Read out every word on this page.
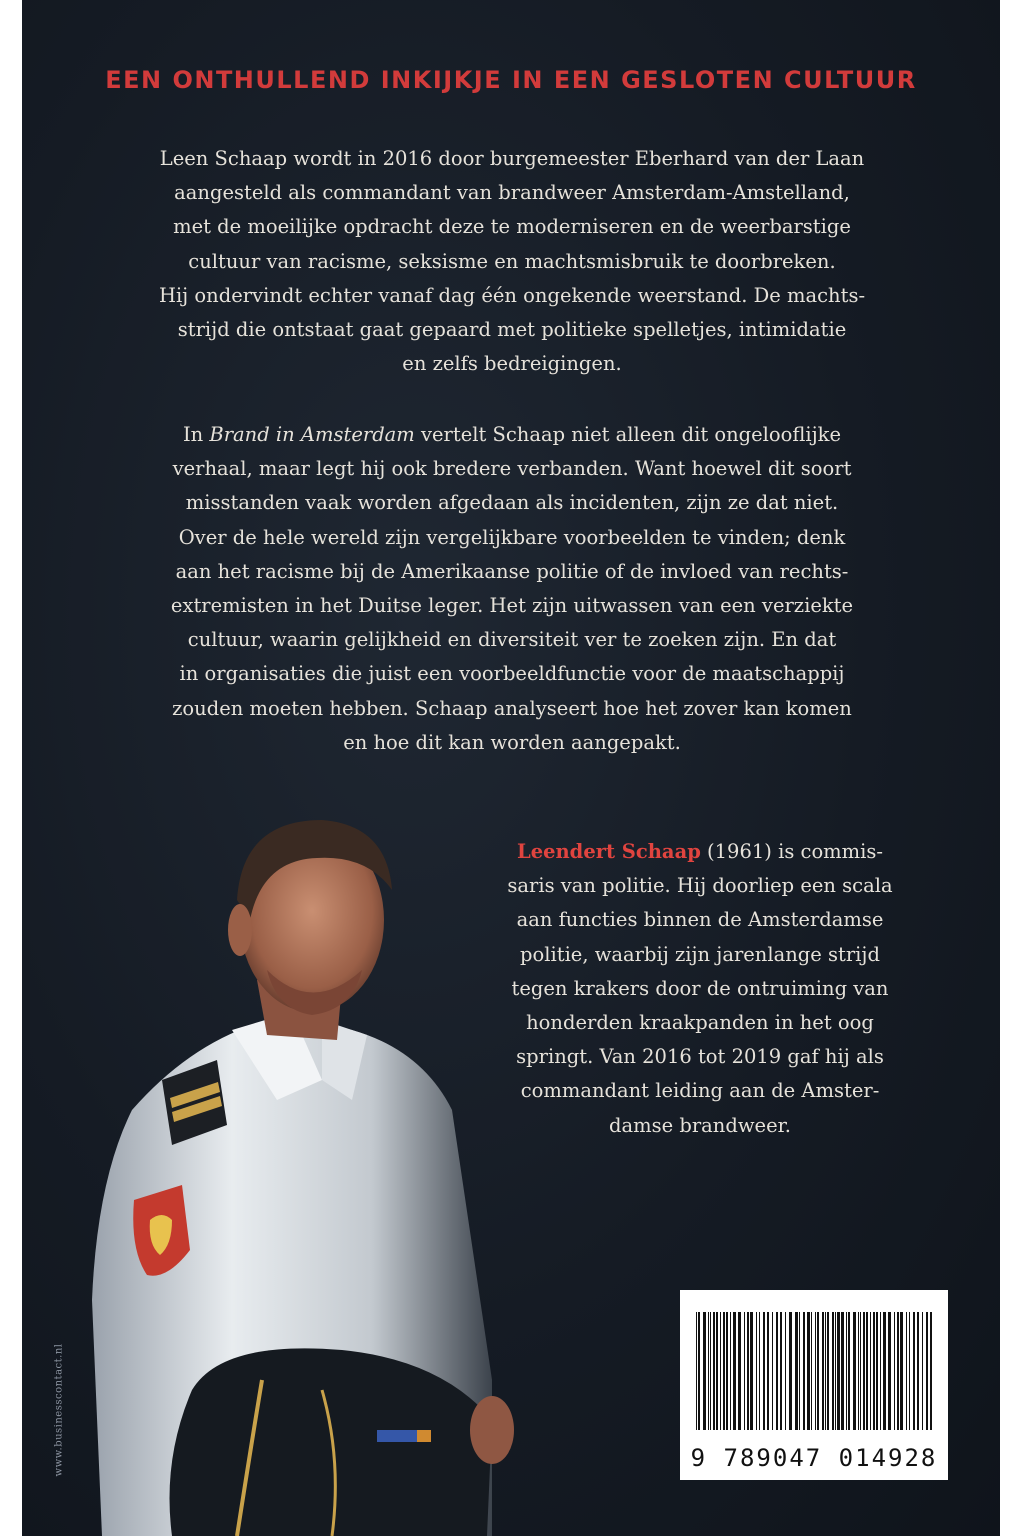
EEN ONTHULLEND INKIJKJE IN EEN GESLOTEN CULTUUR

Leen Schaap wordt in 2016 door burgemeester Eberhard van der Laan
aangesteld als commandant van brandweer Amsterdam-Amstelland,
met de moeilijke opdracht deze te moderniseren en de weerbarstige
cultuur van racisme, seksisme en machtsmisbruik te doorbreken.
Hij ondervindt echter vanaf dag één ongekende weerstand. De machts-
strijd die ontstaat gaat gepaard met politieke spelletjes, intimidatie
en zelfs bedreigingen.

In Brand in Amsterdam vertelt Schaap niet alleen dit ongelooflijke
verhaal, maar legt hij ook bredere verbanden. Want hoewel dit soort
misstanden vaak worden afgedaan als incidenten, zijn ze dat niet.
Over de hele wereld zijn vergelijkbare voorbeelden te vinden; denk
aan het racisme bij de Amerikaanse politie of de invloed van rechts-
extremisten in het Duitse leger. Het zijn uitwassen van een verziekte
cultuur, waarin gelijkheid en diversiteit ver te zoeken zijn. En dat
in organisaties die juist een voorbeeldfunctie voor de maatschappij
zouden moeten hebben. Schaap analyseert hoe het zover kan komen
en hoe dit kan worden aangepakt.

Leendert Schaap (1961) is commis-
saris van politie. Hij doorliep een scala
aan functies binnen de Amsterdamse
politie, waarbij zijn jarenlange strijd
tegen krakers door de ontruiming van
honderden kraakpanden in het oog
springt. Van 2016 tot 2019 gaf hij als
commandant leiding aan de Amster-
damse brandweer.

www.businesscontact.nl	9 789047 014928
